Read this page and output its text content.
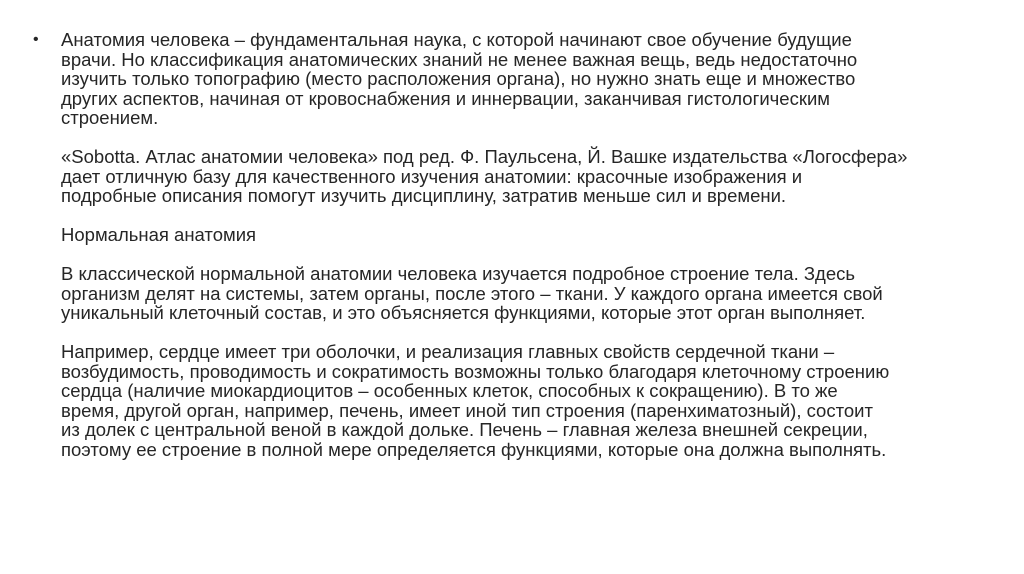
•	Анатомия человека – фундаментальная наука, с которой начинают свое обучение будущие
врачи. Но классификация анатомических знаний не менее важная вещь, ведь недостаточно
изучить только топографию (место расположения органа), но нужно знать еще и множество
других аспектов, начиная от кровоснабжения и иннервации, заканчивая гистологическим
строением.

«Sobotta. Атлас анатомии человека» под ред. Ф. Паульсена, Й. Вашке издательства «Логосфера»
дает отличную базу для качественного изучения анатомии: красочные изображения и
подробные описания помогут изучить дисциплину, затратив меньше сил и времени.

Нормальная анатомия

В классической нормальной анатомии человека изучается подробное строение тела. Здесь
организм делят на системы, затем органы, после этого – ткани. У каждого органа имеется свой
уникальный клеточный состав, и это объясняется функциями, которые этот орган выполняет.

Например, сердце имеет три оболочки, и реализация главных свойств сердечной ткани –
возбудимость, проводимость и сократимость возможны только благодаря клеточному строению
сердца (наличие миокардиоцитов – особенных клеток, способных к сокращению). В то же
время, другой орган, например, печень, имеет иной тип строения (паренхиматозный), состоит
из долек с центральной веной в каждой дольке. Печень – главная железа внешней секреции,
поэтому ее строение в полной мере определяется функциями, которые она должна выполнять.
